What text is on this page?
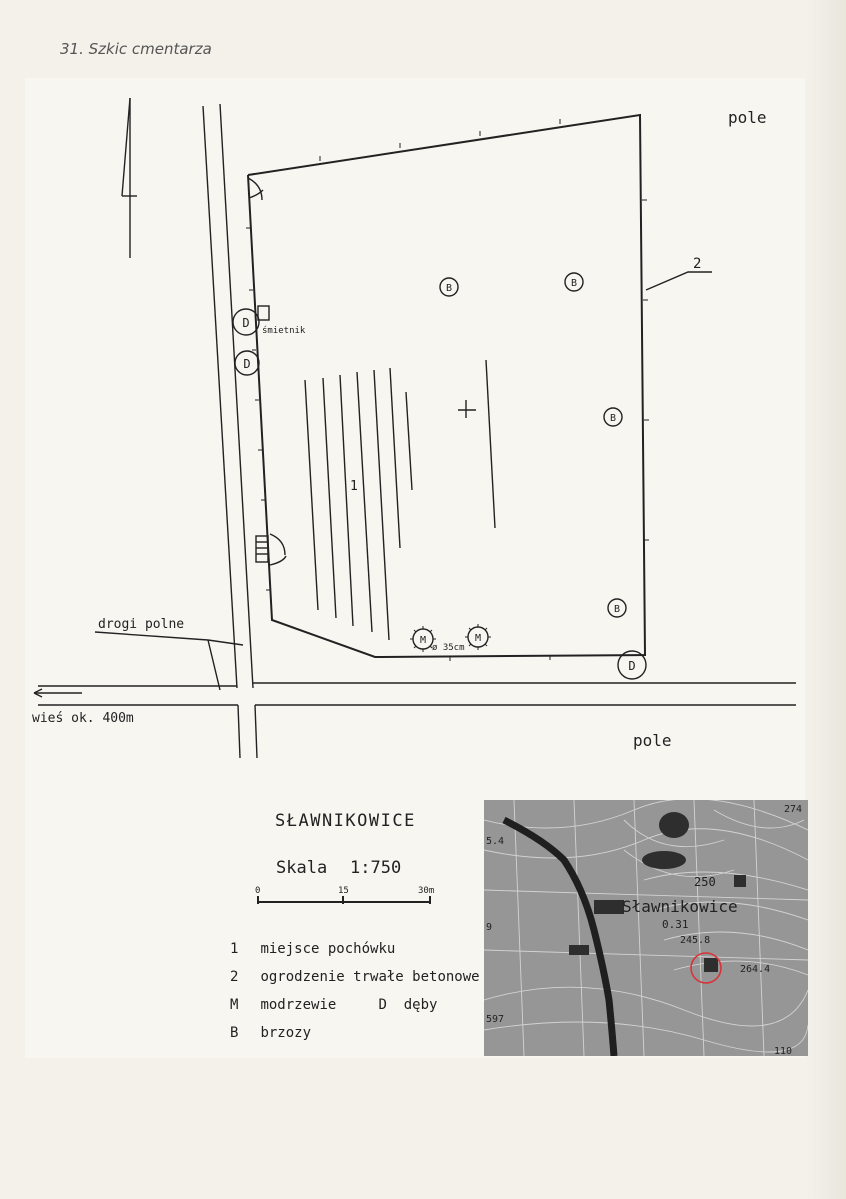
31. Szkic cmentarza
B	B
B
B
D
D
D
M	M
pole
pole
2
1
śmietnik
drogi polne
wieś ok. 400m
ø 35cm
SŁAWNIKOWICE
Skala 1:750
0	15	30m
1 miejsce pochówku
2 ogrodzenie trwałe betonowe
M modrzewie	D dęby
B brzozy
Sławnikowice
274
250
245.8
264.4
0.31
5.4
597
9
110
